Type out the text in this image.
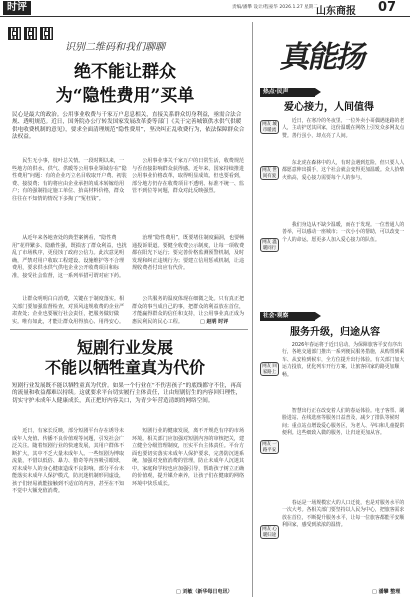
时评	责编/潘攀 设计/程豪华 2026.1.27 星期二
山东商报 07
识别二维码和我们聊聊
绝不能让群众
为“隐性费用”买单
民心是最大的政治。公用事业收费与千家万户息息相关，直接关系群众切身利益，亟需合法合规、透明规范。近日，国务院办公厅转发国家发展改革委等部门《关于完善城镇供水供气供暖供电收费机制的意见》，要求全面清理规范“隐性费用”，坚决纠正乱收费行为，依法保障群众合法权益。
民生无小事，枝叶总关情。一段时期以来，一些地方的供水、供气、供暖等公用事业领域存在“隐性费用”问题：有的企业巧立名目收取开户费、初装费、接驳费；有的将应由企业承担的成本转嫁给用户；有的强制指定施工单位、抬高材料价格，群众往往在不知情的情况下多掏了“冤枉钱”。
从近年来各地查处的典型案例看，“隐性费用”花样繁多、隐蔽性强，既损害了群众利益，也扰乱了市场秩序，更侵蚀了政府公信力。此次意见明确，严禁对用户收取工程建设、设施维护等不合理费用，要求供水供气供电企业公开收费项目和标准，接受社会监督，这一系列举措可谓对症下药。
让群众明明白白消费，关键在于制度落实。相关部门要加强监督检查，对顶风违规收费的企业严肃查处；企业也要履行社会责任，把服务做好做实。唯有如此，才能让群众用得放心、用得安心。
公用事业事关千家万户的日常生活，收费规范与否直接影响群众获得感。近年来，国家持续推进公用事业价格改革，取得明显成效。但也要看到，部分地方仍存在收费项目不透明、标准不统一、监管不到位等问题，群众对此反映强烈。
治理“隐性费用”，既要堵住制度漏洞，也要畅通投诉渠道。要健全收费公示制度，让每一项收费都在阳光下运行；要完善价格监测预警机制，及时发现和纠正违规行为；要建立信用惩戒机制，让违规收费者付出应有代价。
公共服务的温度体现在细微之处。只有真正把群众的事当成自己的事，把群众的利益放在首位，才能赢得群众的信任和支持，让公用事业真正成为惠民利民的民心工程。	□ 赵明 时评
短剧行业发展
不能以牺牲童真为代价
短剧行业发展既不能以牺牲童真为代价。如果一个行业在“不伤害孩子”的底线都守不住，再高的流量和收益都难以持续。这就要求平台切实履行主体责任，让由短剧衍生的内容回归理性，切实守护未成年人健康成长，真正把好内容关口，为青少年营造清朗的网络空间。
近日，有家长反映，部分短剧平台存在诱导未成年人充值、传播不良价值观等问题，引发社会广泛关注。随着短剧行业的快速发展，其用户群体不断扩大，其中不乏大量未成年人。一些短剧为博取流量，不惜以低俗、暴力、猎奇等内容吸引眼球，对未成年人的身心健康造成不良影响。部分平台未能落实未成年人保护模式，防沉迷机制形同虚设，孩子们轻易就能接触到不适宜的内容，甚至在不知不觉中大额充值消费。
短剧行业的健康发展，离不开规范有序的市场环境。相关部门应加强对短剧内容的审核把关，建立健全分级管理制度，压实平台主体责任。平台方面也要切实落实未成年人保护要求，完善防沉迷系统，加强对充值消费的管理，防止未成年人沉迷其中。家庭和学校也应加强引导，帮助孩子树立正确的价值观，提升媒介素养，让孩子们在健康的网络环境中快乐成长。
□ 刘敏（新华每日电讯）
真能扬
热点·民声
爱心接力，人间值得
网友 城市暖流
近日，在寒冷的冬夜里，一位外卖小哥偶遇迷路的老人，主动护送其回家，这份温暖在网络上引发众多网友点赞。善行虽小，却点亮了人间。
网友 世间有爱
东北虎在森林中的人，有时会遇到危险，但只要人人都愿意伸出援手，这个社会就会变得更加温暖。众人拾柴火焰高，爱心接力需要每个人的参与。
网友 温暖同行
我们身边从不缺少温暖，而在于发现。一位普通人的善举，可以感动一座城市；一次小小的帮助，可以改变一个人的命运。愿更多人加入爱心接力的队伍。
社会·观察
服务升级，归途从容
网友 回家路上
2026年春运将于近日启动，为保障旅客平安有序出行，各地交通部门推出一系列便民服务措施，从购票到乘车、从安检到候车，全方位提升出行体验。有关部门加大运力投放，优化列车开行方案，让旅客回家的路更加顺畅。
网友 一路平安
智慧出行正在改变着人们的春运体验。电子客票、刷脸进站、在线选座等服务日益普及，减少了排队等候时间；重点站点增设爱心服务区，为老人、孕妇和儿童提供便利。这些细致入微的服务，让归途更加从容。
网友 心暖归途
春运是一场规模宏大的人口迁徙，也是对服务水平的一次大考。各相关部门要坚持以人民为中心，把旅客需求放在首位，不断提升服务水平，让每一位旅客都能平安顺利回家，感受到浓浓的温情。
□ 潘攀 整理
